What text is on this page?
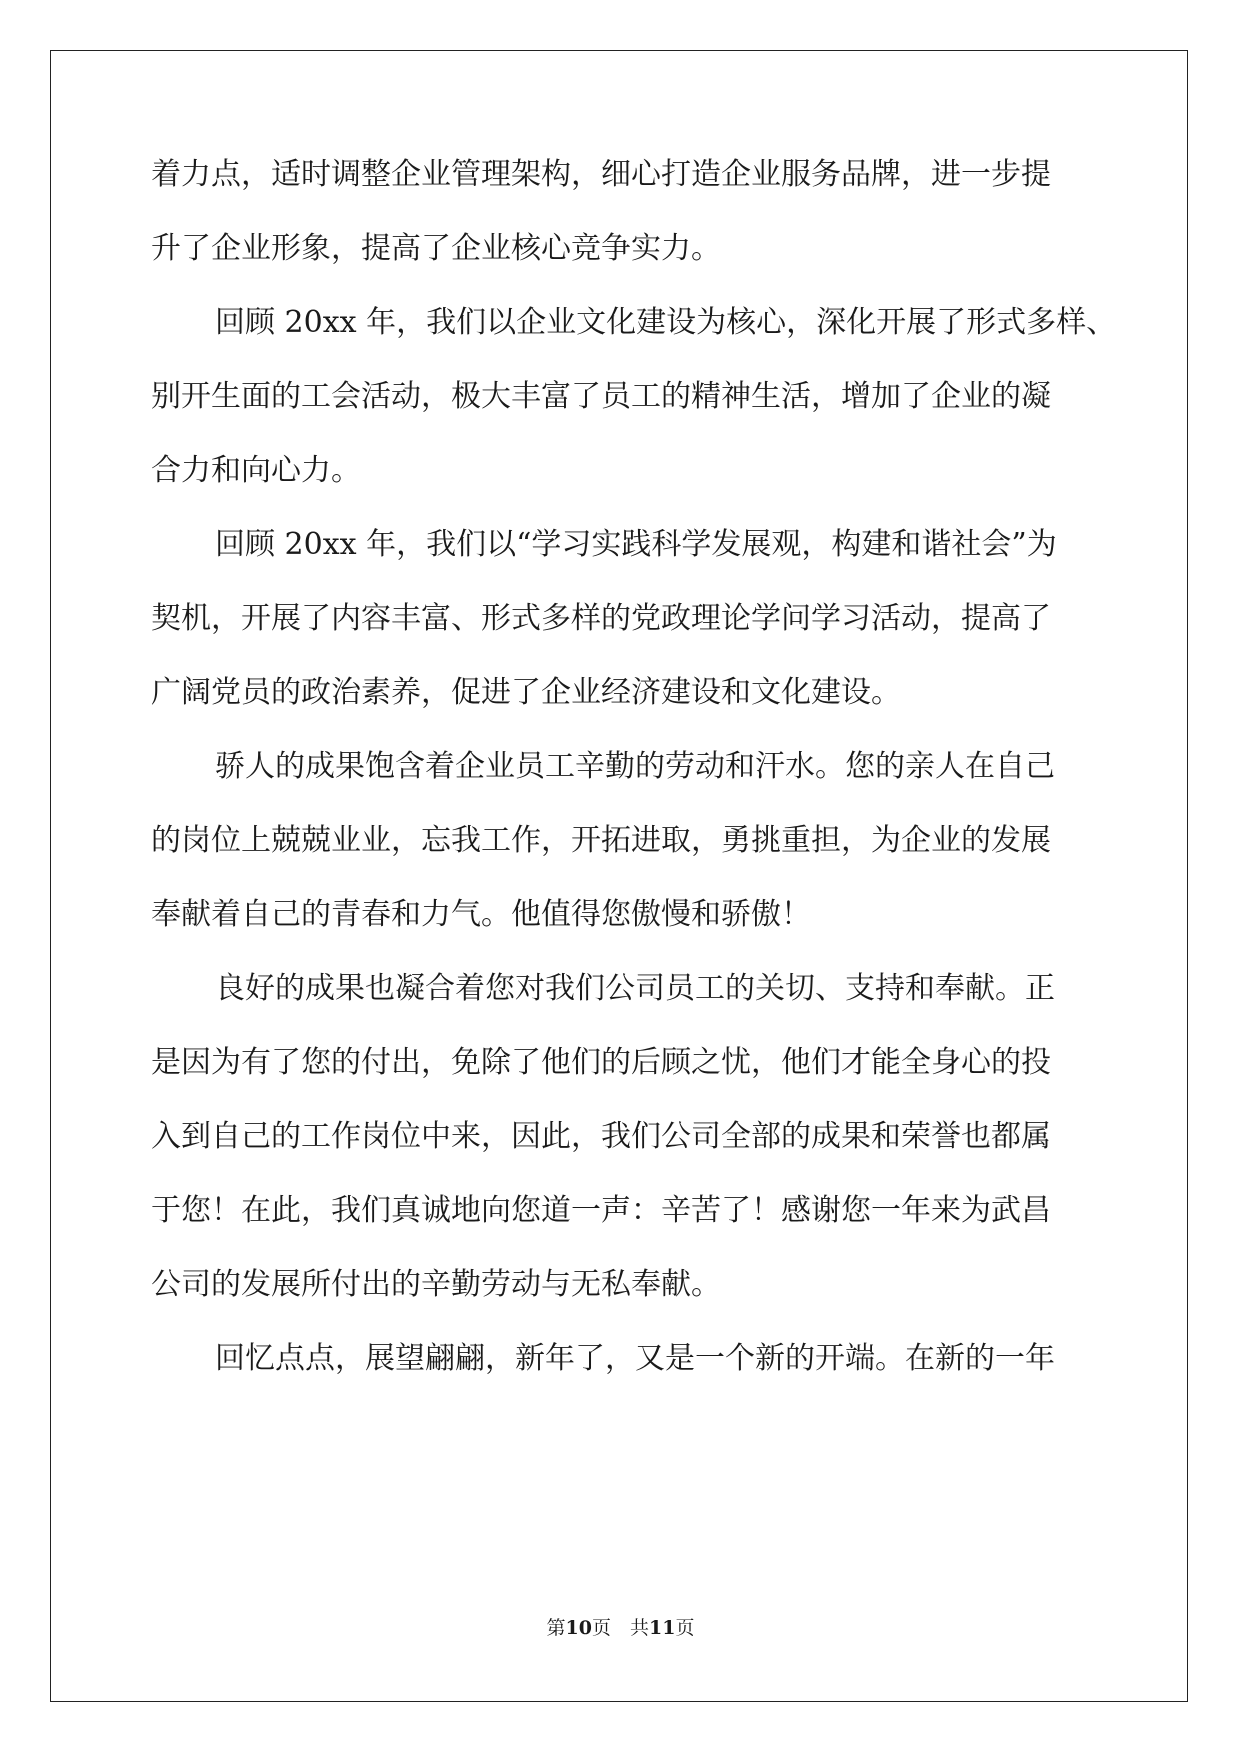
着力点，适时调整企业管理架构，细心打造企业服务品牌，进一步提
升了企业形象，提高了企业核心竞争实力。
回顾 20xx 年，我们以企业文化建设为核心，深化开展了形式多样、
别开生面的工会活动，极大丰富了员工的精神生活，增加了企业的凝
合力和向心力。
回顾 20xx 年，我们以“学习实践科学发展观，构建和谐社会”为
契机，开展了内容丰富、形式多样的党政理论学问学习活动，提高了
广阔党员的政治素养，促进了企业经济建设和文化建设。
骄人的成果饱含着企业员工辛勤的劳动和汗水。您的亲人在自己
的岗位上兢兢业业，忘我工作，开拓进取，勇挑重担，为企业的发展
奉献着自己的青春和力气。他值得您傲慢和骄傲！
良好的成果也凝合着您对我们公司员工的关切、支持和奉献。正
是因为有了您的付出，免除了他们的后顾之忧，他们才能全身心的投
入到自己的工作岗位中来，因此，我们公司全部的成果和荣誉也都属
于您！在此，我们真诚地向您道一声：辛苦了！感谢您一年来为武昌
公司的发展所付出的辛勤劳动与无私奉献。
回忆点点，展望翩翩，新年了，又是一个新的开端。在新的一年
第10页　共11页
